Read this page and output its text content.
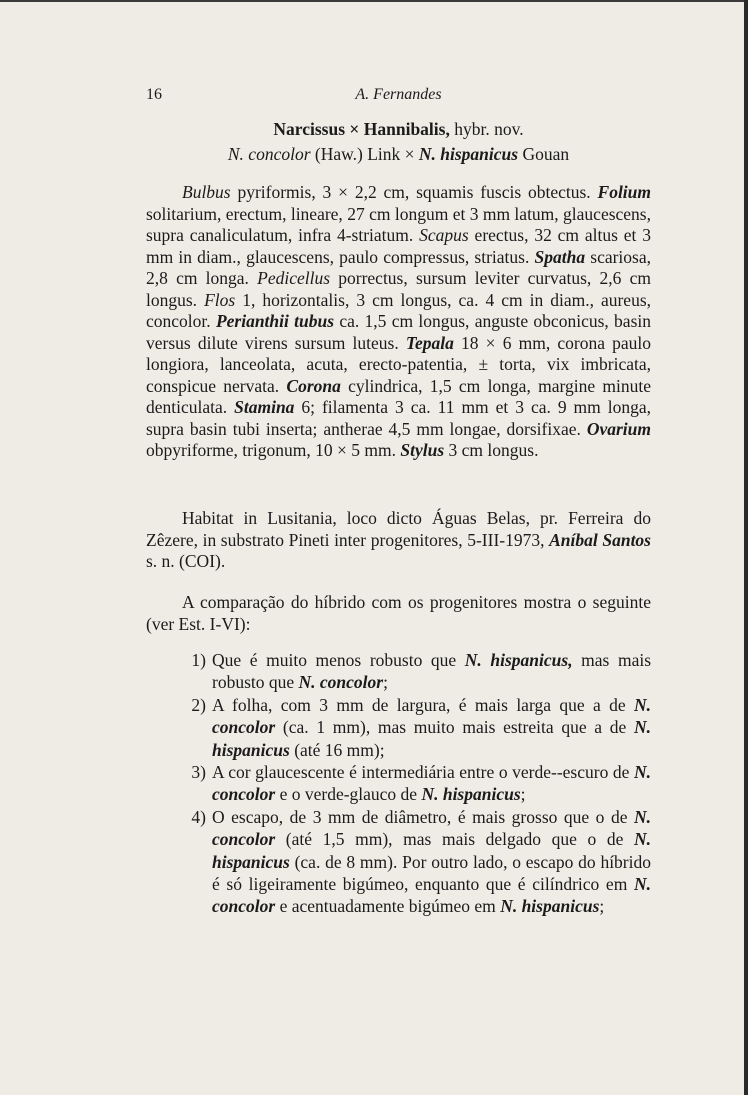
16	A. Fernandes
Narcissus × Hannibalis, hybr. nov.
N. concolor (Haw.) Link × N. hispanicus Gouan

Bulbus pyriformis, 3 × 2,2 cm, squamis fuscis obtectus. Folium solitarium, erectum, lineare, 27 cm longum et 3 mm latum, glaucescens, supra canaliculatum, infra 4-striatum. Scapus erectus, 32 cm altus et 3 mm in diam., glaucescens, paulo compressus, striatus. Spatha scariosa, 2,8 cm longa. Pedicellus porrectus, sursum leviter curvatus, 2,6 cm longus. Flos 1, horizontalis, 3 cm longus, ca. 4 cm in diam., aureus, concolor. Perianthii tubus ca. 1,5 cm longus, anguste obconicus, basin versus dilute virens sursum luteus. Tepala 18 × 6 mm, corona paulo longiora, lanceolata, acuta, erecto-patentia, ± torta, vix imbricata, conspicue nervata. Corona cylindrica, 1,5 cm longa, margine minute denticulata. Stamina 6; filamenta 3 ca. 11 mm et 3 ca. 9 mm longa, supra basin tubi inserta; antherae 4,5 mm longae, dorsifixae. Ovarium obpyriforme, trigonum, 10 × 5 mm. Stylus 3 cm longus.

Habitat in Lusitania, loco dicto Águas Belas, pr. Ferreira do Zêzere, in substrato Pineti inter progenitores, 5-III-1973, Aníbal Santos s. n. (COI).

A comparação do híbrido com os progenitores mostra o seguinte (ver Est. I-VI):

1) Que é muito menos robusto que N. hispanicus, mas mais robusto que N. concolor;
2) A folha, com 3 mm de largura, é mais larga que a de N. concolor (ca. 1 mm), mas muito mais estreita que a de N. hispanicus (até 16 mm);
3) A cor glaucescente é intermediária entre o verde--escuro de N. concolor e o verde-glauco de N. hispanicus;
4) O escapo, de 3 mm de diâmetro, é mais grosso que o de N. concolor (até 1,5 mm), mas mais delgado que o de N. hispanicus (ca. de 8 mm). Por outro lado, o escapo do híbrido é só ligeiramente bigúmeo, enquanto que é cilíndrico em N. concolor e acentuadamente bigúmeo em N. hispanicus;
